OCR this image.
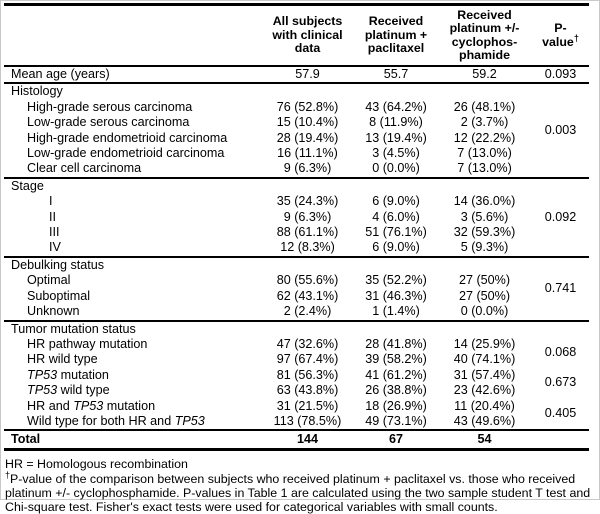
	All subjects with clinical data	Received platinum + paclitaxel	Received platinum +/- cyclophos- phamide	P-
value†

Mean age (years)	57.9	55.7	59.2	0.093
Histology				0.003
High-grade serous carcinoma	76 (52.8%)	43 (64.2%)	26 (48.1%)	
Low-grade serous carcinoma	15 (10.4%)	8 (11.9%)	2 (3.7%)	
High-grade endometrioid carcinoma	28 (19.4%)	13 (19.4%)	12 (22.2%)	
Low-grade endometrioid carcinoma	16 (11.1%)	3 (4.5%)	7 (13.0%)	
Clear cell carcinoma	9 (6.3%)	0 (0.0%)	7 (13.0%)	
Stage				0.092
I	35 (24.3%)	6 (9.0%)	14 (36.0%)	
II	9 (6.3%)	4 (6.0%)	3 (5.6%)	
III	88 (61.1%)	51 (76.1%)	32 (59.3%)	
IV	12 (8.3%)	6 (9.0%)	5 (9.3%)	
Debulking status				0.741
Optimal	80 (55.6%)	35 (52.2%)	27 (50%)	
Suboptimal	62 (43.1%)	31 (46.3%)	27 (50%)	
Unknown	2 (2.4%)	1 (1.4%)	0 (0.0%)	
Tumor mutation status				
HR pathway mutation	47 (32.6%)	28 (41.8%)	14 (25.9%)	0.068
HR wild type	97 (67.4%)	39 (58.2%)	40 (74.1%)	
TP53 mutation	81 (56.3%)	41 (61.2%)	31 (57.4%)	0.673
TP53 wild type	63 (43.8%)	26 (38.8%)	23 (42.6%)	
HR and TP53 mutation	31 (21.5%)	18 (26.9%)	11 (20.4%)	0.405
Wild type for both HR and TP53	113 (78.5%)	49 (73.1%)	43 (49.6%)	
Total	144	67	54	

HR = Homologous recombination

†P-value of the comparison between subjects who received platinum + paclitaxel vs. those who received platinum +/- cyclophosphamide. P-values in Table 1 are calculated using the two sample student T test and Chi-square test. Fisher's exact tests were used for categorical variables with small counts.
